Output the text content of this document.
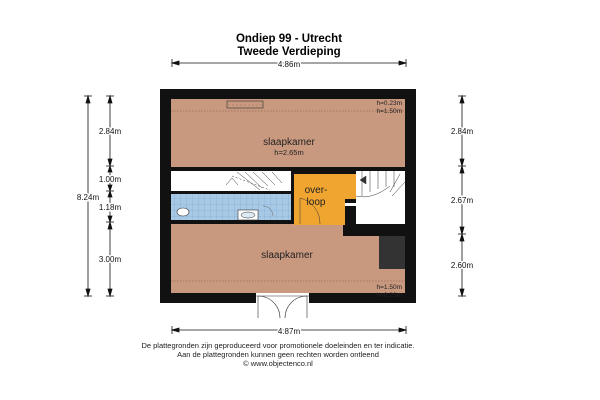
Ondiep 99 - Utrecht
Tweede Verdieping
4.86m
4.87m
8.24m
2.84m
1.00m
1.18m
3.00m
2.84m
2.67m
2.60m
slaapkamer
h=2.65m
h=0.23m
h=1.50m
slaapkamer
h=1.50m
h=0.23m
over-
loop
De plattegronden zijn geproduceerd voor promotionele doeleinden en ter indicatie.
Aan de plattegronden kunnen geen rechten worden ontleend
© www.objectenco.nl
